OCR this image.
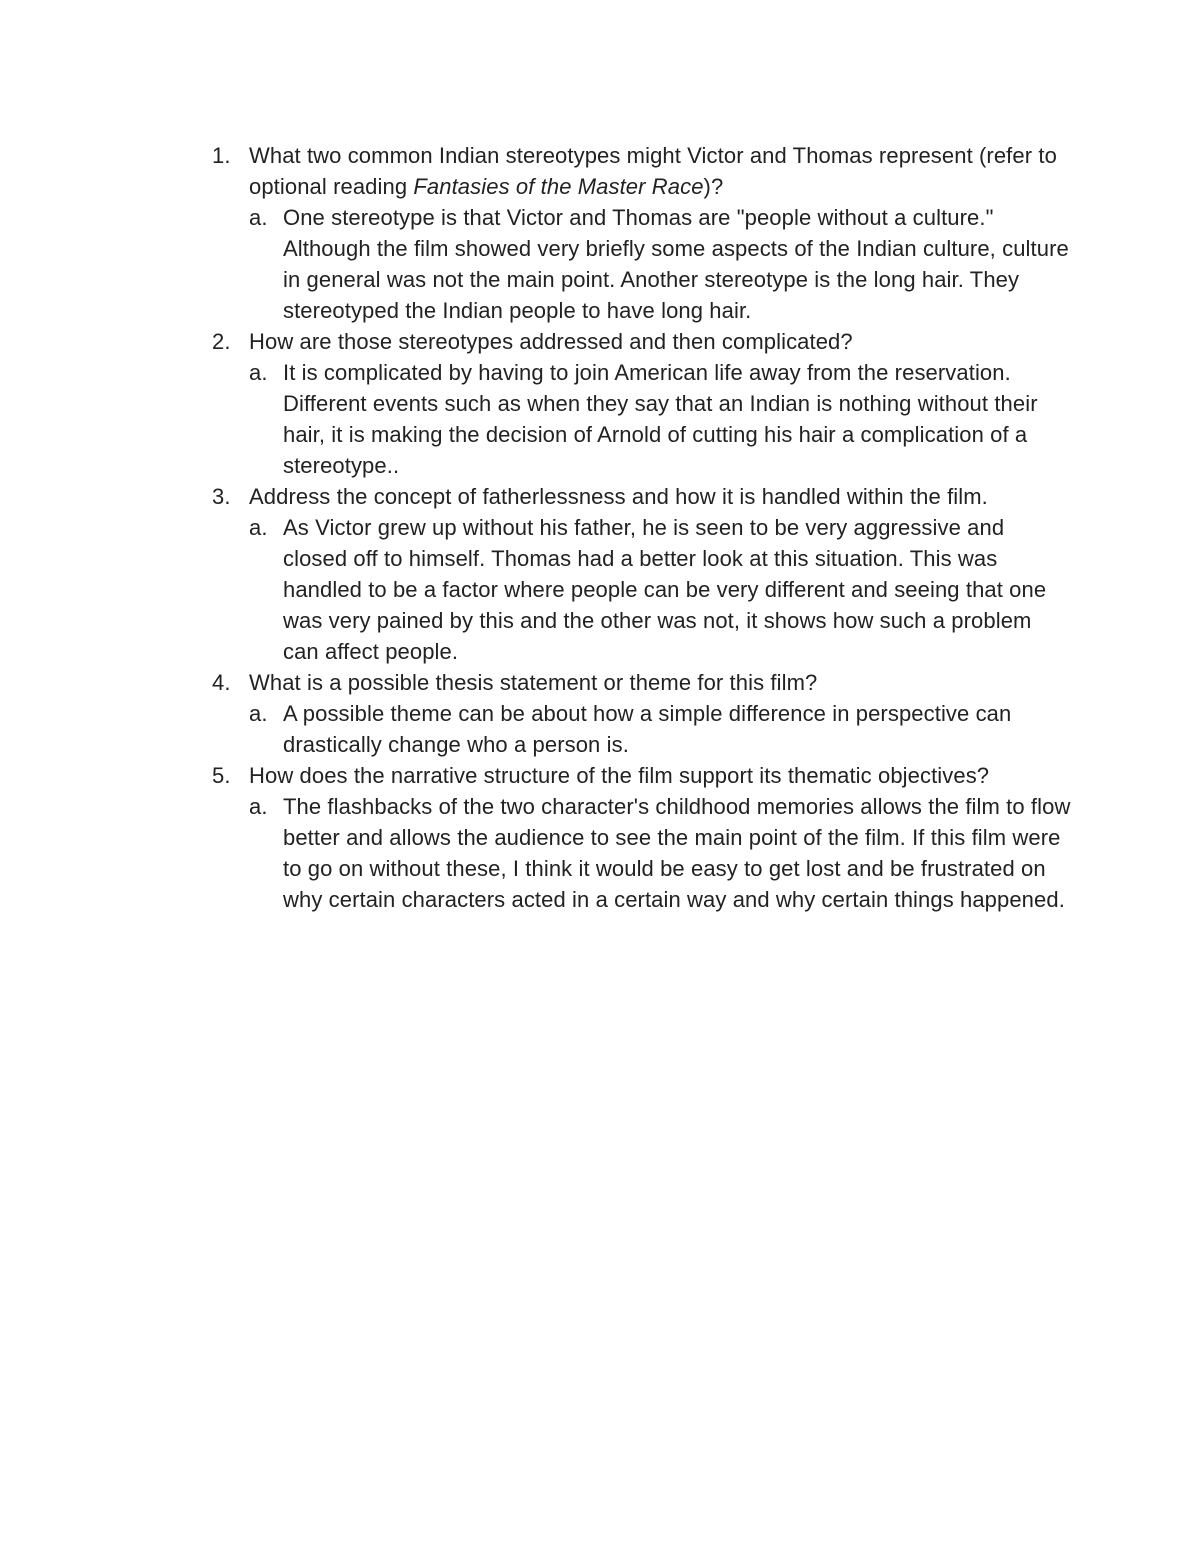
1. What two common Indian stereotypes might Victor and Thomas represent (refer to optional reading Fantasies of the Master Race)?
a. One stereotype is that Victor and Thomas are "people without a culture." Although the film showed very briefly some aspects of the Indian culture, culture in general was not the main point. Another stereotype is the long hair. They stereotyped the Indian people to have long hair.
2. How are those stereotypes addressed and then complicated?
a. It is complicated by having to join American life away from the reservation. Different events such as when they say that an Indian is nothing without their hair, it is making the decision of Arnold of cutting his hair a complication of a stereotype..
3. Address the concept of fatherlessness and how it is handled within the film.
a. As Victor grew up without his father, he is seen to be very aggressive and closed off to himself. Thomas had a better look at this situation. This was handled to be a factor where people can be very different and seeing that one was very pained by this and the other was not, it shows how such a problem can affect people.
4. What is a possible thesis statement or theme for this film?
a. A possible theme can be about how a simple difference in perspective can drastically change who a person is.
5. How does the narrative structure of the film support its thematic objectives?
a. The flashbacks of the two character's childhood memories allows the film to flow better and allows the audience to see the main point of the film. If this film were to go on without these, I think it would be easy to get lost and be frustrated on why certain characters acted in a certain way and why certain things happened.
